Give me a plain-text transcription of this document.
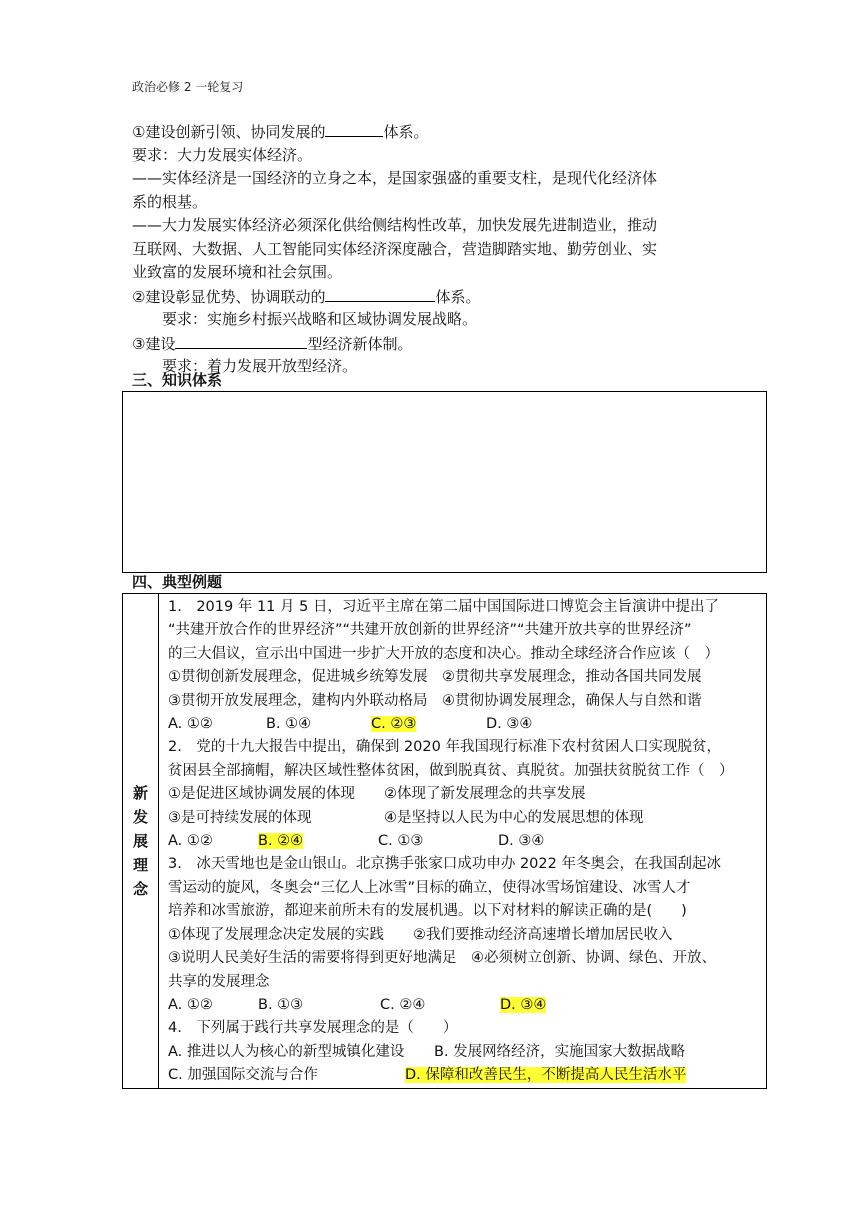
政治必修 2 一轮复习
①建设创新引领、协同发展的	体系。
要求：大力发展实体经济。
——实体经济是一国经济的立身之本，是国家强盛的重要支柱，是现代化经济体
系的根基。
——大力发展实体经济必须深化供给侧结构性改革，加快发展先进制造业，推动
互联网、大数据、人工智能同实体经济深度融合，营造脚踏实地、勤劳创业、实
业致富的发展环境和社会氛围。
②建设彰显优势、协调联动的	体系。
要求：实施乡村振兴战略和区域协调发展战略。
③建设	型经济新体制。
要求：着力发展开放型经济。
三、知识体系
四、典型例题
新
发
展
理
念

1.　2019 年 11 月 5 日，习近平主席在第二届中国国际进口博览会主旨演讲中提出了
“共建开放合作的世界经济”“共建开放创新的世界经济”“共建开放共享的世界经济”
的三大倡议，宣示出中国进一步扩大开放的态度和决心。推动全球经济合作应该（　）
①贯彻创新发展理念，促进城乡统筹发展　②贯彻共享发展理念，推动各国共同发展
③贯彻开放发展理念，建构内外联动格局　④贯彻协调发展理念，确保人与自然和谐
A. ①②	B. ①④	C. ②③	D. ③④
2.　党的十九大报告中提出，确保到 2020 年我国现行标准下农村贫困人口实现脱贫，
贫困县全部摘帽，解决区域性整体贫困，做到脱真贫、真脱贫。加强扶贫脱贫工作（　）
①是促进区域协调发展的体现　　②体现了新发展理念的共享发展
③是可持续发展的体现　　　　　④是坚持以人民为中心的发展思想的体现
A. ①②	B. ②④	C. ①③	D. ③④
3.　冰天雪地也是金山银山。北京携手张家口成功申办 2022 年冬奥会，在我国刮起冰
雪运动的旋风，冬奥会“三亿人上冰雪”目标的确立，使得冰雪场馆建设、冰雪人才
培养和冰雪旅游，都迎来前所未有的发展机遇。以下对材料的解读正确的是(　　)
①体现了发展理念决定发展的实践　　②我们要推动经济高速增长增加居民收入
③说明人民美好生活的需要将得到更好地满足　④必须树立创新、协调、绿色、开放、
共享的发展理念
A. ①②	B. ①③	C. ②④	D. ③④
4.　下列属于践行共享发展理念的是（　　）
A. 推进以人为核心的新型城镇化建设 B. 发展网络经济，实施国家大数据战略
C. 加强国际交流与合作	D. 保障和改善民生，不断提高人民生活水平
